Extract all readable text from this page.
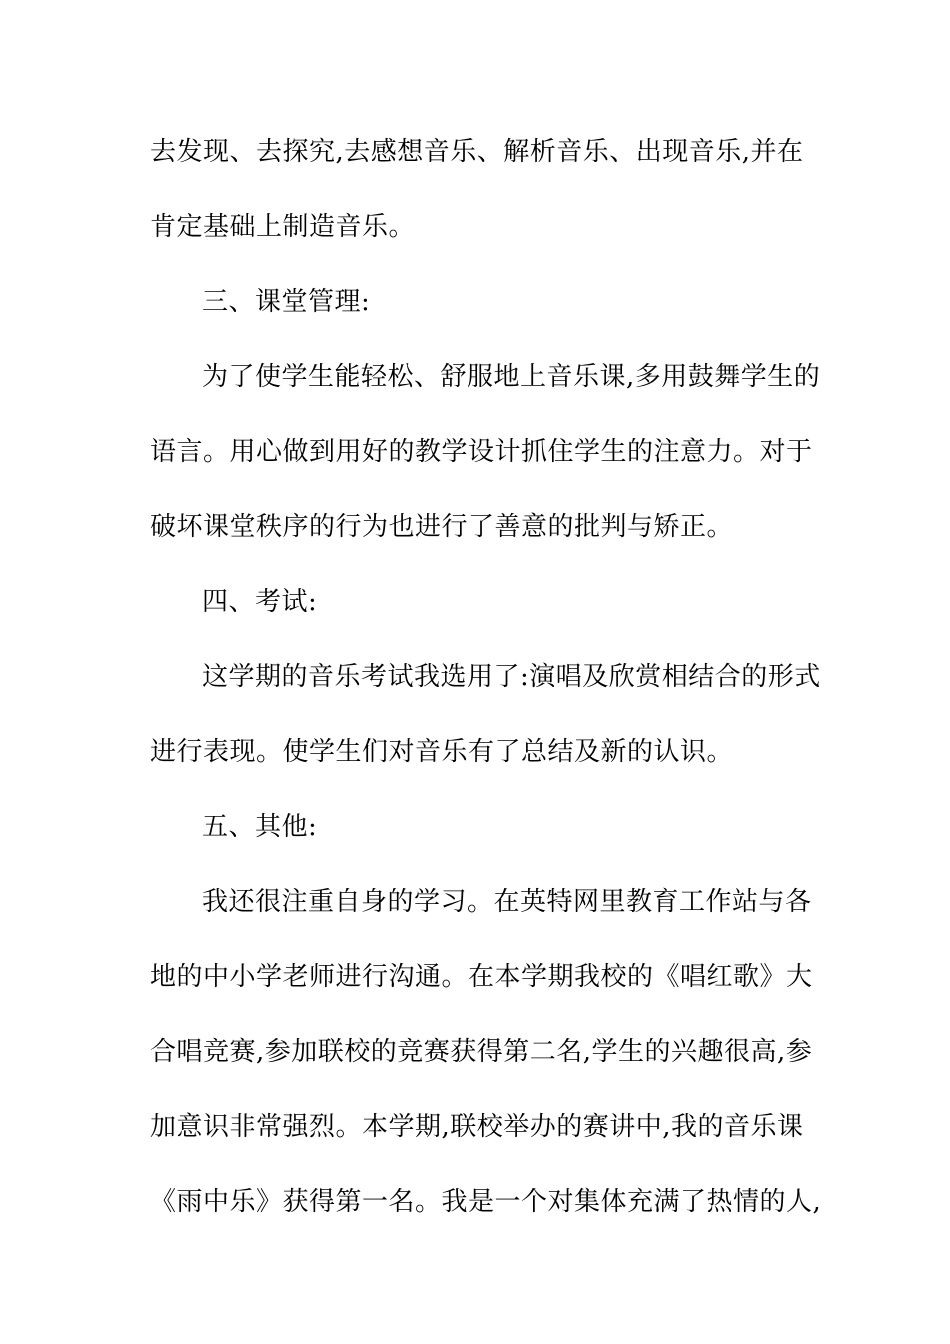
去发现、去探究,去感想音乐、解析音乐、出现音乐,并在
肯定基础上制造音乐。
三、课堂管理:
为了使学生能轻松、舒服地上音乐课,多用鼓舞学生的
语言。用心做到用好的教学设计抓住学生的注意力。对于
破坏课堂秩序的行为也进行了善意的批判与矫正。
四、考试:
这学期的音乐考试我选用了:演唱及欣赏相结合的形式
进行表现。使学生们对音乐有了总结及新的认识。
五、其他:
我还很注重自身的学习。在英特网里教育工作站与各
地的中小学老师进行沟通。在本学期我校的《唱红歌》大
合唱竞赛,参加联校的竞赛获得第二名,学生的兴趣很高,参
加意识非常强烈。本学期,联校举办的赛讲中,我的音乐课
《雨中乐》获得第一名。我是一个对集体充满了热情的人,
